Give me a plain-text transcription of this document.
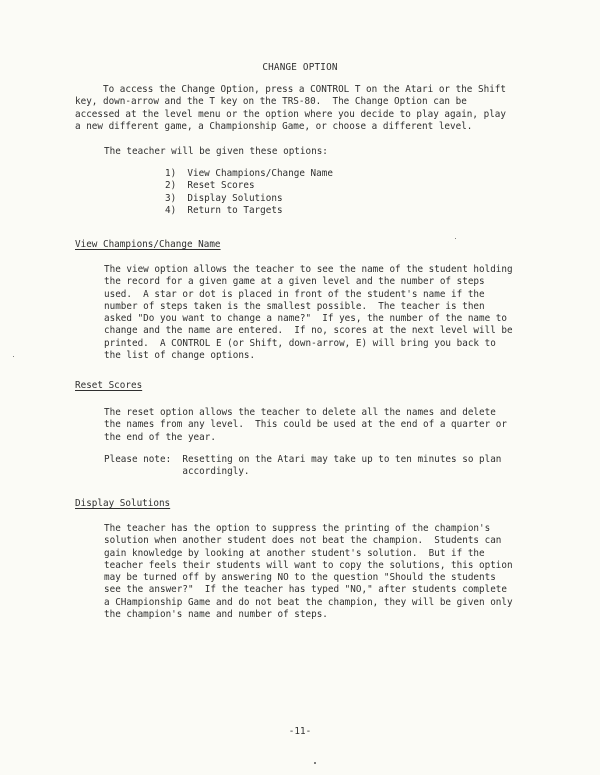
CHANGE OPTION

To access the Change Option, press a CONTROL T on the Atari or the Shift
key, down-arrow and the T key on the TRS-80.  The Change Option can be
accessed at the level menu or the option where you decide to play again, play
a new different game, a Championship Game, or choose a different level.

The teacher will be given these options:

1)  View Champions/Change Name
2)  Reset Scores
3)  Display Solutions
4)  Return to Targets
View Champions/Change Name

The view option allows the teacher to see the name of the student holding
the record for a given game at a given level and the number of steps
used.  A star or dot is placed in front of the student's name if the
number of steps taken is the smallest possible.  The teacher is then
asked "Do you want to change a name?"  If yes, the number of the name to
change and the name are entered.  If no, scores at the next level will be
printed.  A CONTROL E (or Shift, down-arrow, E) will bring you back to
the list of change options.

Reset Scores

The reset option allows the teacher to delete all the names and delete
the names from any level.  This could be used at the end of a quarter or
the end of the year.

Please note:  Resetting on the Atari may take up to ten minutes so plan
accordingly.

Display Solutions

The teacher has the option to suppress the printing of the champion's
solution when another student does not beat the champion.  Students can
gain knowledge by looking at another student's solution.  But if the
teacher feels their students will want to copy the solutions, this option
may be turned off by answering NO to the question "Should the students
see the answer?"  If the teacher has typed "NO," after students complete
a CHampionship Game and do not beat the champion, they will be given only
the champion's name and number of steps.

-11-
